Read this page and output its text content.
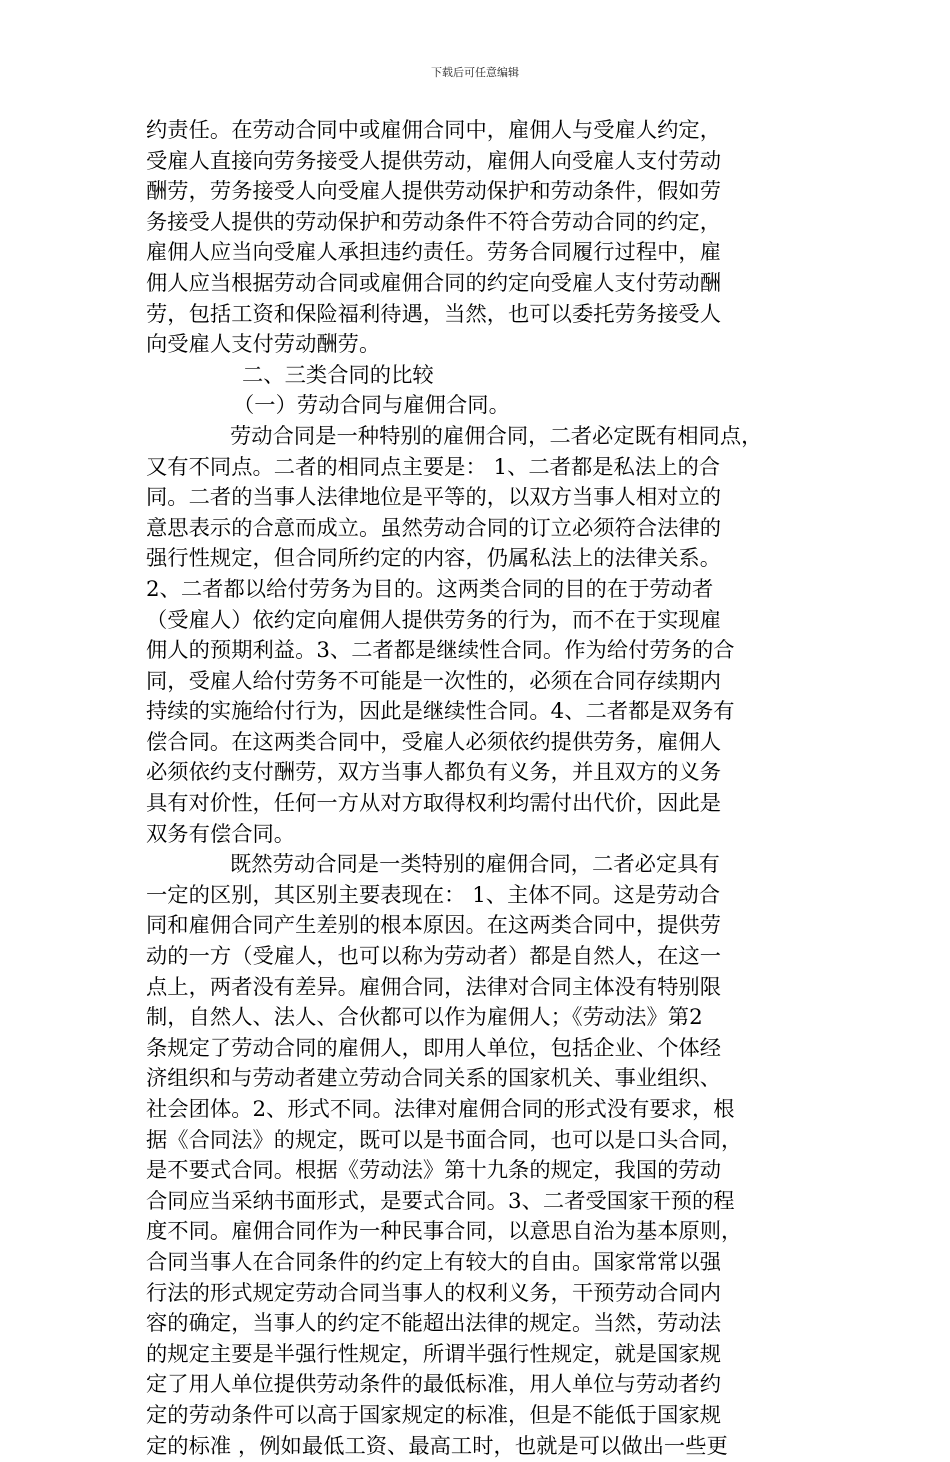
下载后可任意编辑
约责任。在劳动合同中或雇佣合同中，雇佣人与受雇人约定，
受雇人直接向劳务接受人提供劳动，雇佣人向受雇人支付劳动
酬劳，劳务接受人向受雇人提供劳动保护和劳动条件，假如劳
务接受人提供的劳动保护和劳动条件不符合劳动合同的约定，
雇佣人应当向受雇人承担违约责任。劳务合同履行过程中，雇
佣人应当根据劳动合同或雇佣合同的约定向受雇人支付劳动酬
劳，包括工资和保险福利待遇，当然，也可以委托劳务接受人
向受雇人支付劳动酬劳。
二、三类合同的比较
（一）劳动合同与雇佣合同。
劳动合同是一种特别的雇佣合同，二者必定既有相同点，
又有不同点。二者的相同点主要是： 1、二者都是私法上的合
同。二者的当事人法律地位是平等的，以双方当事人相对立的
意思表示的合意而成立。虽然劳动合同的订立必须符合法律的
强行性规定，但合同所约定的内容，仍属私法上的法律关系。
2、二者都以给付劳务为目的。这两类合同的目的在于劳动者
（受雇人）依约定向雇佣人提供劳务的行为，而不在于实现雇
佣人的预期利益。3、二者都是继续性合同。作为给付劳务的合
同，受雇人给付劳务不可能是一次性的，必须在合同存续期内
持续的实施给付行为，因此是继续性合同。4、二者都是双务有
偿合同。在这两类合同中，受雇人必须依约提供劳务，雇佣人
必须依约支付酬劳，双方当事人都负有义务，并且双方的义务
具有对价性，任何一方从对方取得权利均需付出代价，因此是
双务有偿合同。
既然劳动合同是一类特别的雇佣合同，二者必定具有
一定的区别，其区别主要表现在： 1、主体不同。这是劳动合
同和雇佣合同产生差别的根本原因。在这两类合同中，提供劳
动的一方（受雇人，也可以称为劳动者）都是自然人，在这一
点上，两者没有差异。雇佣合同，法律对合同主体没有特别限
制，自然人、法人、合伙都可以作为雇佣人；《劳动法》第2
条规定了劳动合同的雇佣人，即用人单位，包括企业、个体经
济组织和与劳动者建立劳动合同关系的国家机关、事业组织、
社会团体。2、形式不同。法律对雇佣合同的形式没有要求，根
据《合同法》的规定，既可以是书面合同，也可以是口头合同，
是不要式合同。根据《劳动法》第十九条的规定，我国的劳动
合同应当采纳书面形式，是要式合同。3、二者受国家干预的程
度不同。雇佣合同作为一种民事合同，以意思自治为基本原则，
合同当事人在合同条件的约定上有较大的自由。国家常常以强
行法的形式规定劳动合同当事人的权利义务，干预劳动合同内
容的确定，当事人的约定不能超出法律的规定。当然，劳动法
的规定主要是半强行性规定，所谓半强行性规定，就是国家规
定了用人单位提供劳动条件的最低标准，用人单位与劳动者约
定的劳动条件可以高于国家规定的标准，但是不能低于国家规
定的标准 ，例如最低工资、最高工时，也就是可以做出一些更
